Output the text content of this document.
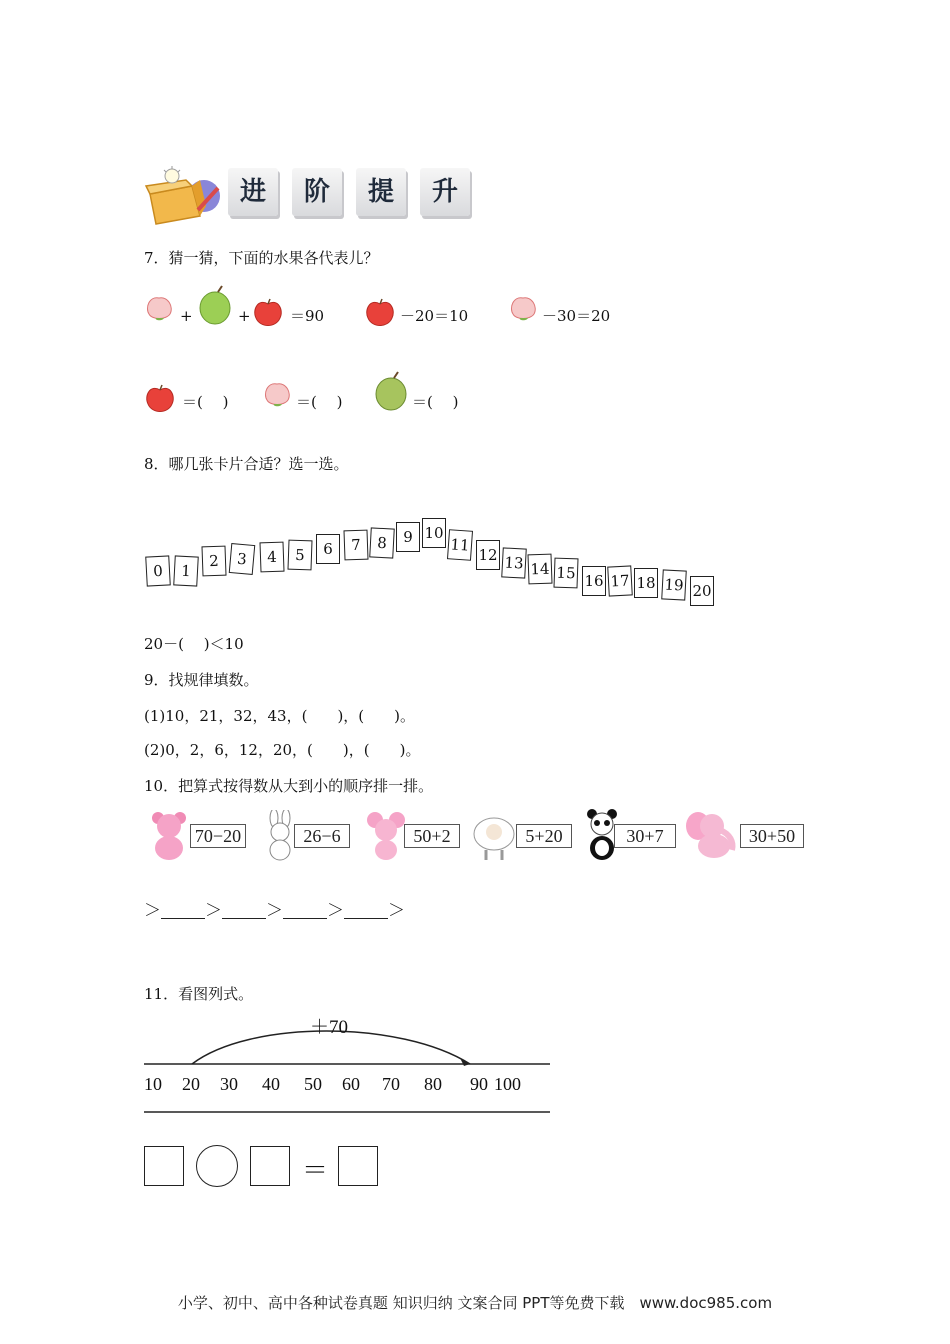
进	阶	提	升
7．猜一猜，下面的水果各代表儿？
+	+	＝90	－20＝10	－30＝20
＝(　 )	＝(　 )	＝(　 )
8．哪几张卡片合适？选一选。
0	1
2	3	4	5	6	7	8	9 10
11
12 13 14 15 16 17 18 19 20
20－(　 )＜10
9．找规律填数。
(1)10，21，32，43，(　　)，(　　)。
(2)0，2，6，12，20，(　　)，(　　)。
10．把算式按得数从大到小的顺序排一排。
70−20	26−6	50+2	5+20	30+7	30+50
＞	＞	＞	＞	＞
11．看图列式。
＋70
10 20 30 40 50 60 70 80 90 100
＝
小学、初中、高中各种试卷真题 知识归纳 文案合同 PPT等免费下载　www.doc985.com
